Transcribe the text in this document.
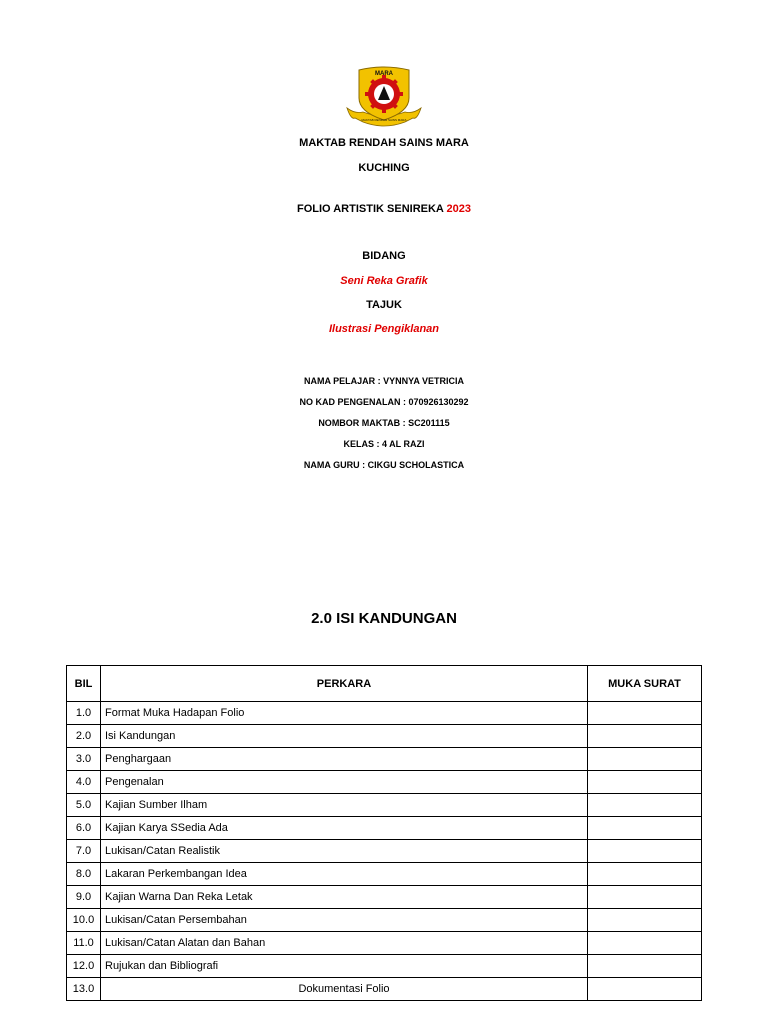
MARA
MAKTAB RENDAH SAINS MARA
MAKTAB RENDAH SAINS MARA
KUCHING
FOLIO ARTISTIK SENIREKA 2023
BIDANG
Seni Reka Grafik
TAJUK
Ilustrasi Pengiklanan
NAMA PELAJAR : VYNNYA VETRICIA
NO KAD PENGENALAN : 070926130292
NOMBOR MAKTAB : SC201115
KELAS : 4 AL RAZI
NAMA GURU : CIKGU SCHOLASTICA
2.0 ISI KANDUNGAN
BIL	PERKARA	MUKA SURAT
1.0	Format Muka Hadapan Folio	
2.0	Isi Kandungan	
3.0	Penghargaan	
4.0	Pengenalan	
5.0	Kajian Sumber Ilham	
6.0	Kajian Karya SSedia Ada	
7.0	Lukisan/Catan Realistik	
8.0	Lakaran Perkembangan Idea	
9.0	Kajian Warna Dan Reka Letak	
10.0	Lukisan/Catan Persembahan	
11.0	Lukisan/Catan Alatan dan Bahan	
12.0	Rujukan dan Bibliografi	
13.0	Dokumentasi Folio	
